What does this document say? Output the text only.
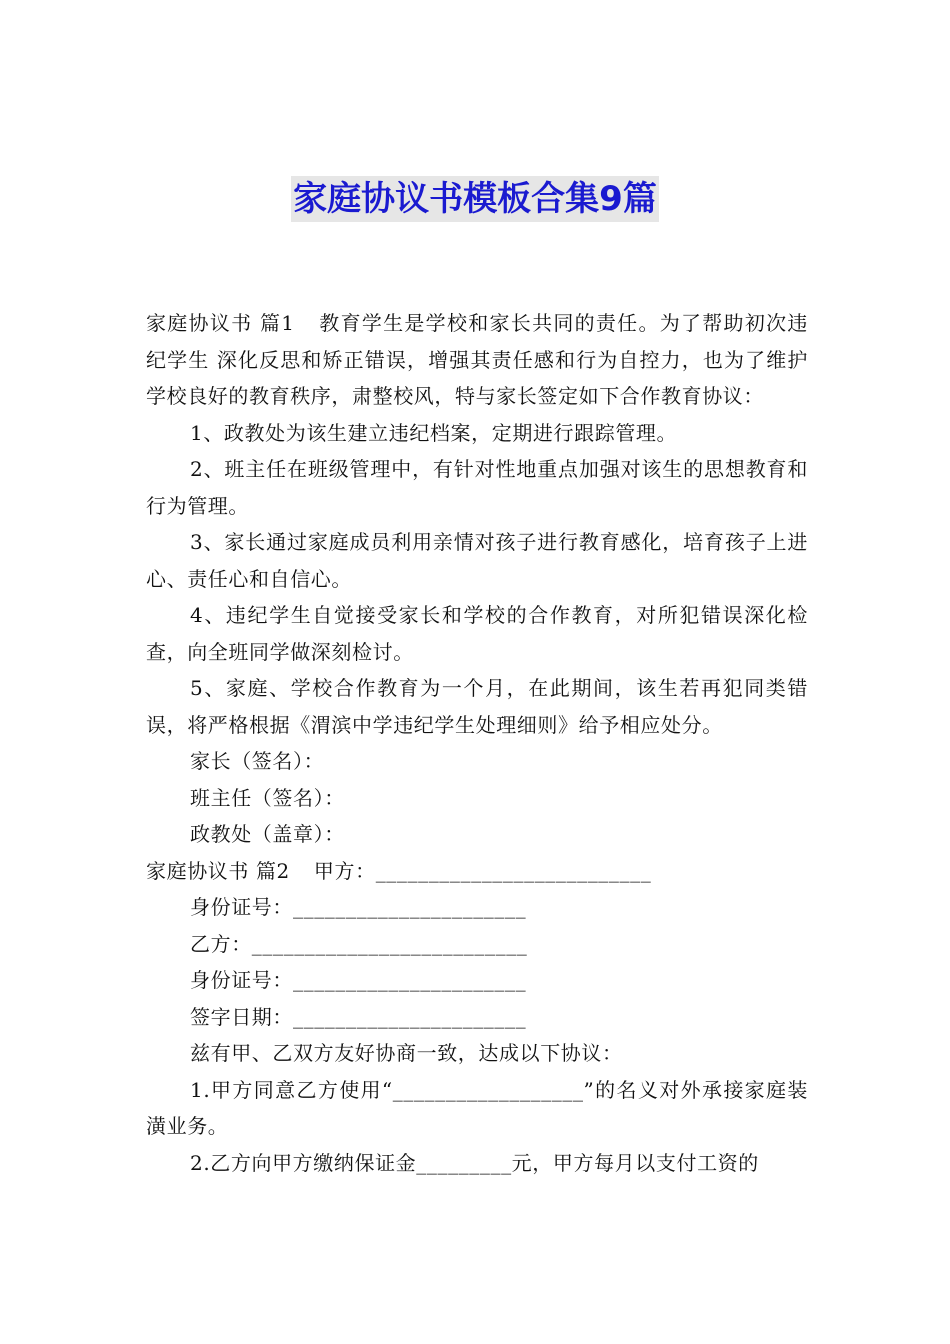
家庭协议书模板合集9篇

家庭协议书 篇1 教育学生是学校和家长共同的责任。为了帮助初次违纪学生 深化反思和矫正错误，增强其责任感和行为自控力，也为了维护学校良好的教育秩序，肃整校风，特与家长签定如下合作教育协议：

1、政教处为该生建立违纪档案，定期进行跟踪管理。

2、班主任在班级管理中，有针对性地重点加强对该生的思想教育和行为管理。

3、家长通过家庭成员利用亲情对孩子进行教育感化，培育孩子上进心、责任心和自信心。

4、违纪学生自觉接受家长和学校的合作教育，对所犯错误深化检查，向全班同学做深刻检讨。

5、家庭、学校合作教育为一个月，在此期间，该生若再犯同类错误，将严格根据《渭滨中学违纪学生处理细则》给予相应处分。

家长（签名）：

班主任（签名）：

政教处（盖章）：

家庭协议书 篇2 甲方：__________________________

身份证号：______________________

乙方：__________________________

身份证号：______________________

签字日期：______________________

兹有甲、乙双方友好协商一致，达成以下协议：

1.甲方同意乙方使用“__________________”的名义对外承接家庭装潢业务。

2.乙方向甲方缴纳保证金_________元，甲方每月以支付工资的
